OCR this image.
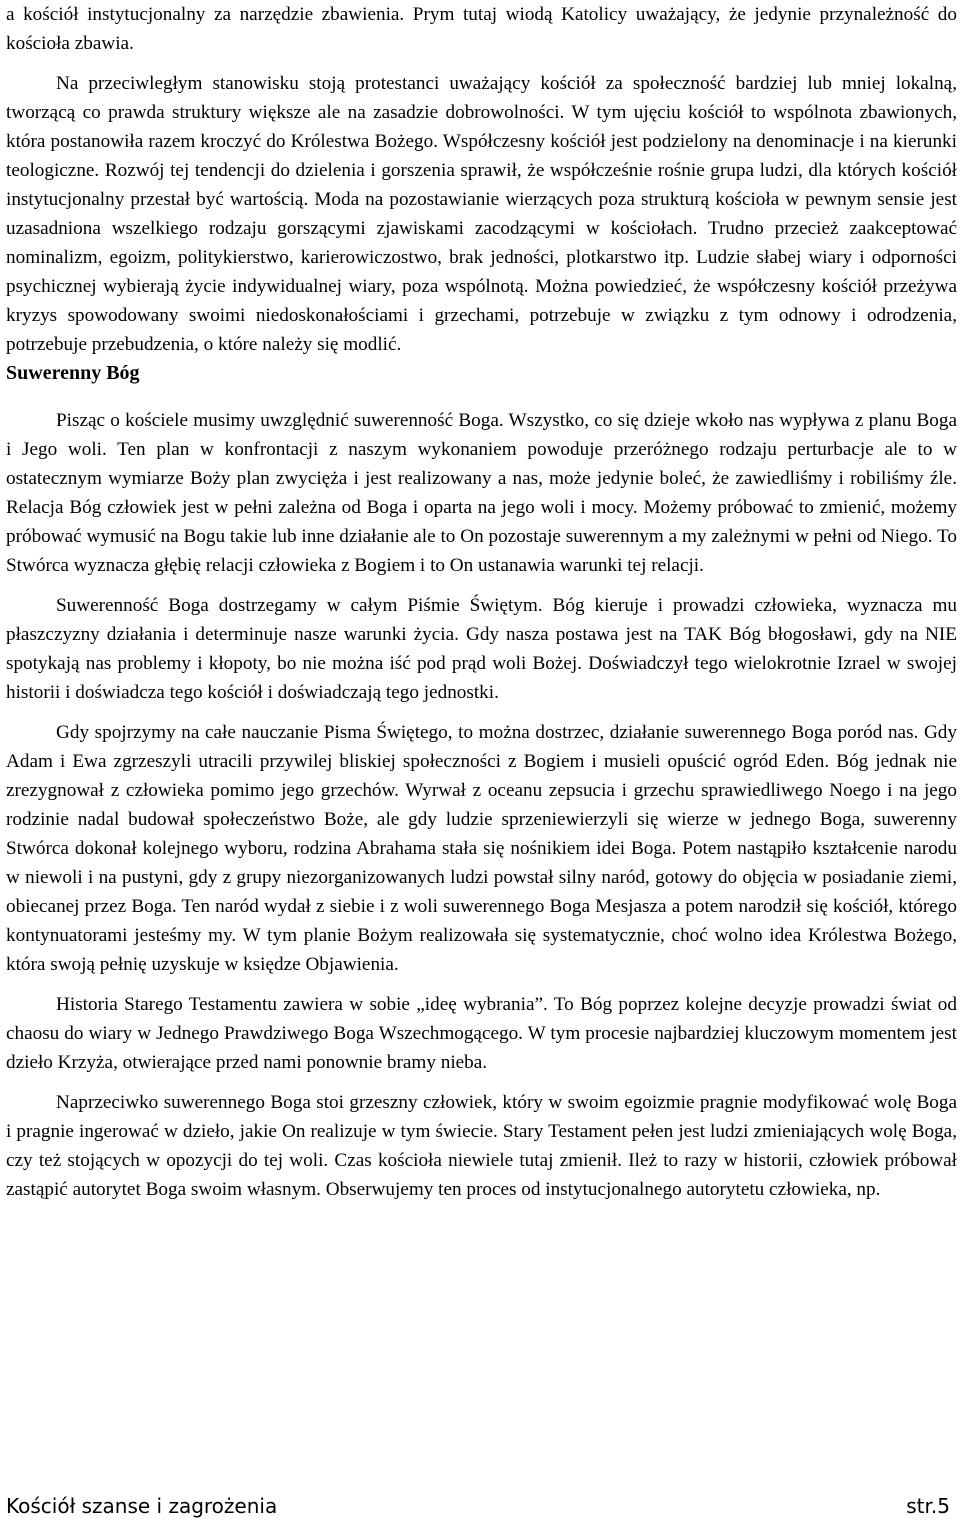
a kościół instytucjonalny za narzędzie zbawienia. Prym tutaj wiodą Katolicy uważający, że jedynie przynależność do kościoła zbawia.

Na przeciwległym stanowisku stoją protestanci uważający kościół za społeczność bardziej lub mniej lokalną, tworzącą co prawda struktury większe ale na zasadzie dobrowolności. W tym ujęciu kościół to wspólnota zbawionych, która postanowiła razem kroczyć do Królestwa Bożego. Współczesny kościół jest podzielony na denominacje i na kierunki teologiczne. Rozwój tej tendencji do dzielenia i gorszenia sprawił, że współcześnie rośnie grupa ludzi, dla których kościół instytucjonalny przestał być wartością. Moda na pozostawianie wierzących poza strukturą kościoła w pewnym sensie jest uzasadniona wszelkiego rodzaju gorszącymi zjawiskami zacodzącymi w kościołach. Trudno przecież zaakceptować nominalizm, egoizm, politykierstwo, karierowiczostwo, brak jedności, plotkarstwo itp. Ludzie słabej wiary i odporności psychicznej wybierają życie indywidualnej wiary, poza wspólnotą. Można powiedzieć, że współczesny kościół przeżywa kryzys spowodowany swoimi niedoskonałościami i grzechami, potrzebuje w związku z tym odnowy i odrodzenia, potrzebuje przebudzenia, o które należy się modlić.

Suwerenny Bóg

Pisząc o kościele musimy uwzględnić suwerenność Boga. Wszystko, co się dzieje wkoło nas wypływa z planu Boga i Jego woli. Ten plan w konfrontacji z naszym wykonaniem powoduje przeróżnego rodzaju perturbacje ale to w ostatecznym wymiarze Boży plan zwycięża i jest realizowany a nas, może jedynie boleć, że zawiedliśmy i robiliśmy źle. Relacja Bóg człowiek jest w pełni zależna od Boga i oparta na jego woli i mocy. Możemy próbować to zmienić, możemy próbować wymusić na Bogu takie lub inne działanie ale to On pozostaje suwerennym a my zależnymi w pełni od Niego. To Stwórca wyznacza głębię relacji człowieka z Bogiem i to On ustanawia warunki tej relacji.

Suwerenność Boga dostrzegamy w całym Piśmie Świętym. Bóg kieruje i prowadzi człowieka, wyznacza mu płaszczyzny działania i determinuje nasze warunki życia. Gdy nasza postawa jest na TAK Bóg błogosławi, gdy na NIE spotykają nas problemy i kłopoty, bo nie można iść pod prąd woli Bożej. Doświadczył tego wielokrotnie Izrael w swojej historii i doświadcza tego kościół i doświadczają tego jednostki.

Gdy spojrzymy na całe nauczanie Pisma Świętego, to można dostrzec, działanie suwerennego Boga poród nas. Gdy Adam i Ewa zgrzeszyli utracili przywilej bliskiej społeczności z Bogiem i musieli opuścić ogród Eden. Bóg jednak nie zrezygnował z człowieka pomimo jego grzechów. Wyrwał z oceanu zepsucia i grzechu sprawiedliwego Noego i na jego rodzinie nadal budował społeczeństwo Boże, ale gdy ludzie sprzeniewierzyli się wierze w jednego Boga, suwerenny Stwórca dokonał kolejnego wyboru, rodzina Abrahama stała się nośnikiem idei Boga. Potem nastąpiło kształcenie narodu w niewoli i na pustyni, gdy z grupy niezorganizowanych ludzi powstał silny naród, gotowy do objęcia w posiadanie ziemi, obiecanej przez Boga. Ten naród wydał z siebie i z woli suwerennego Boga Mesjasza a potem narodził się kościół, którego kontynuatorami jesteśmy my. W tym planie Bożym realizowała się systematycznie, choć wolno idea Królestwa Bożego, która swoją pełnię uzyskuje w księdze Objawienia.

Historia Starego Testamentu zawiera w sobie „ideę wybrania”. To Bóg poprzez kolejne decyzje prowadzi świat od chaosu do wiary w Jednego Prawdziwego Boga Wszechmogącego. W tym procesie najbardziej kluczowym momentem jest dzieło Krzyża, otwierające przed nami ponownie bramy nieba.

Naprzeciwko suwerennego Boga stoi grzeszny człowiek, który w swoim egoizmie pragnie modyfikować wolę Boga i pragnie ingerować w dzieło, jakie On realizuje w tym świecie. Stary Testament pełen jest ludzi zmieniających wolę Boga, czy też stojących w opozycji do tej woli. Czas kościoła niewiele tutaj zmienił. Ileż to razy w historii, człowiek próbował zastąpić autorytet Boga swoim własnym. Obserwujemy ten proces od instytucjonalnego autorytetu człowieka, np.

Kościół szanse i zagrożenia	str.5
